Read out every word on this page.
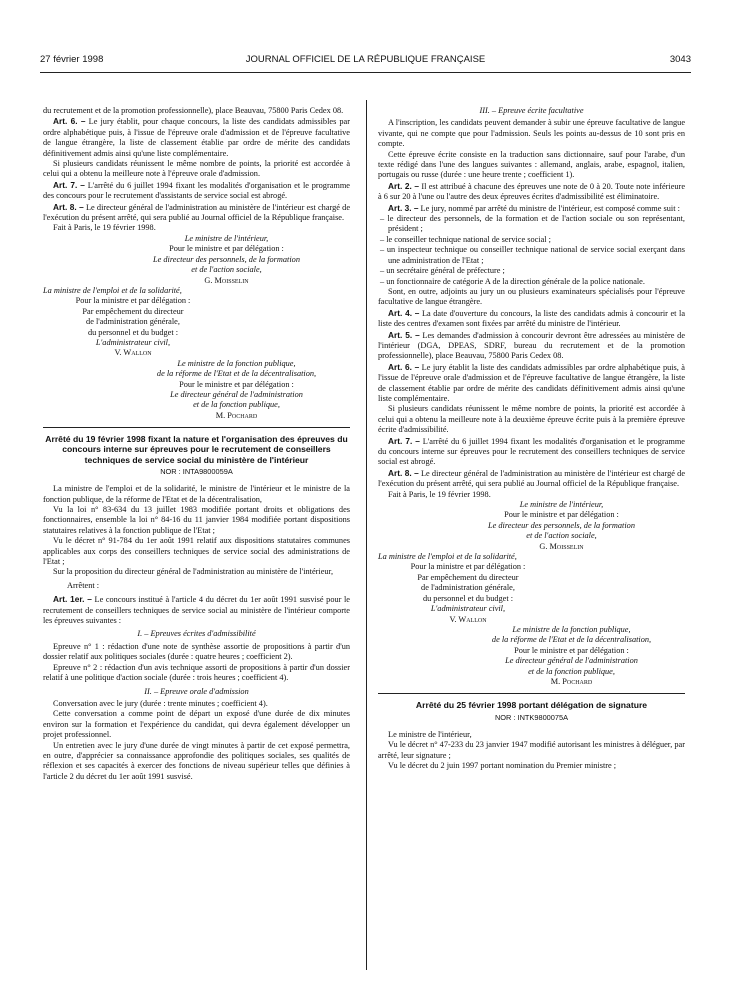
27 février 1998	JOURNAL OFFICIEL DE LA RÉPUBLIQUE FRANÇAISE	3043

du recrutement et de la promotion professionnelle), place Beauvau, 75800 Paris Cedex 08.

Art. 6. – Le jury établit, pour chaque concours, la liste des candidats admissibles par ordre alphabétique puis, à l'issue de l'épreuve orale d'admission et de l'épreuve facultative de langue étrangère, la liste de classement établie par ordre de mérite des candidats définitivement admis ainsi qu'une liste complémentaire.

Si plusieurs candidats réunissent le même nombre de points, la priorité est accordée à celui qui a obtenu la meilleure note à l'épreuve orale d'admission.

Art. 7. – L'arrêté du 6 juillet 1994 fixant les modalités d'organisation et le programme des concours pour le recrutement d'assistants de service social est abrogé.

Art. 8. – Le directeur général de l'administration au ministère de l'intérieur est chargé de l'exécution du présent arrêté, qui sera publié au Journal officiel de la République française.

Fait à Paris, le 19 février 1998.

Le ministre de l'intérieur,

Pour le ministre et par délégation :

Le directeur des personnels, de la formation

et de l'action sociale,

G. Moisselin

La ministre de l'emploi et de la solidarité,

Pour la ministre et par délégation :

Par empêchement du directeur

de l'administration générale,

du personnel et du budget :

L'administrateur civil,

V. Wallon

Le ministre de la fonction publique,

de la réforme de l'Etat et de la décentralisation,

Pour le ministre et par délégation :

Le directeur général de l'administration

et de la fonction publique,

M. Pochard

Arrêté du 19 février 1998 fixant la nature et l'organisation des épreuves du concours interne sur épreuves pour le recrutement de conseillers techniques de service social du ministère de l'intérieur

NOR : INTA9800059A

La ministre de l'emploi et de la solidarité, le ministre de l'intérieur et le ministre de la fonction publique, de la réforme de l'Etat et de la décentralisation,

Vu la loi n° 83-634 du 13 juillet 1983 modifiée portant droits et obligations des fonctionnaires, ensemble la loi n° 84-16 du 11 janvier 1984 modifiée portant dispositions statutaires relatives à la fonction publique de l'Etat ;

Vu le décret n° 91-784 du 1er août 1991 relatif aux dispositions statutaires communes applicables aux corps des conseillers techniques de service social des administrations de l'Etat ;

Sur la proposition du directeur général de l'administration au ministère de l'intérieur,

Arrêtent :

Art. 1er. – Le concours institué à l'article 4 du décret du 1er août 1991 susvisé pour le recrutement de conseillers techniques de service social au ministère de l'intérieur comporte les épreuves suivantes :

I. – Epreuves écrites d'admissibilité

Epreuve n° 1 : rédaction d'une note de synthèse assortie de propositions à partir d'un dossier relatif aux politiques sociales (durée : quatre heures ; coefficient 2).

Epreuve n° 2 : rédaction d'un avis technique assorti de propositions à partir d'un dossier relatif à une politique d'action sociale (durée : trois heures ; coefficient 4).

II. – Epreuve orale d'admission

Conversation avec le jury (durée : trente minutes ; coefficient 4).

Cette conversation a comme point de départ un exposé d'une durée de dix minutes environ sur la formation et l'expérience du candidat, qui devra également développer un projet professionnel.

Un entretien avec le jury d'une durée de vingt minutes à partir de cet exposé permettra, en outre, d'apprécier sa connaissance approfondie des politiques sociales, ses qualités de réflexion et ses capacités à exercer des fonctions de niveau supérieur telles que définies à l'article 2 du décret du 1er août 1991 susvisé.

III. – Epreuve écrite facultative

A l'inscription, les candidats peuvent demander à subir une épreuve facultative de langue vivante, qui ne compte que pour l'admission. Seuls les points au-dessus de 10 sont pris en compte.

Cette épreuve écrite consiste en la traduction sans dictionnaire, sauf pour l'arabe, d'un texte rédigé dans l'une des langues suivantes : allemand, anglais, arabe, espagnol, italien, portugais ou russe (durée : une heure trente ; coefficient 1).

Art. 2. – Il est attribué à chacune des épreuves une note de 0 à 20. Toute note inférieure à 6 sur 20 à l'une ou l'autre des deux épreuves écrites d'admissibilité est éliminatoire.

Art. 3. – Le jury, nommé par arrêté du ministre de l'intérieur, est composé comme suit :

– le directeur des personnels, de la formation et de l'action sociale ou son représentant, président ;
– le conseiller technique national de service social ;
– un inspecteur technique ou conseiller technique national de service social exerçant dans une administration de l'Etat ;
– un secrétaire général de préfecture ;
– un fonctionnaire de catégorie A de la direction générale de la police nationale.

Sont, en outre, adjoints au jury un ou plusieurs examinateurs spécialisés pour l'épreuve facultative de langue étrangère.

Art. 4. – La date d'ouverture du concours, la liste des candidats admis à concourir et la liste des centres d'examen sont fixées par arrêté du ministre de l'intérieur.

Art. 5. – Les demandes d'admission à concourir devront être adressées au ministère de l'intérieur (DGA, DPEAS, SDRF, bureau du recrutement et de la promotion professionnelle), place Beauvau, 75800 Paris Cedex 08.

Art. 6. – Le jury établit la liste des candidats admissibles par ordre alphabétique puis, à l'issue de l'épreuve orale d'admission et de l'épreuve facultative de langue étrangère, la liste de classement établie par ordre de mérite des candidats définitivement admis ainsi qu'une liste complémentaire.

Si plusieurs candidats réunissent le même nombre de points, la priorité est accordée à celui qui a obtenu la meilleure note à la deuxième épreuve écrite puis à la première épreuve écrite d'admissibilité.

Art. 7. – L'arrêté du 6 juillet 1994 fixant les modalités d'organisation et le programme du concours interne sur épreuves pour le recrutement des conseillers techniques de service social est abrogé.

Art. 8. – Le directeur général de l'administration au ministère de l'intérieur est chargé de l'exécution du présent arrêté, qui sera publié au Journal officiel de la République française.

Fait à Paris, le 19 février 1998.

Le ministre de l'intérieur,

Pour le ministre et par délégation :

Le directeur des personnels, de la formation

et de l'action sociale,

G. Moisselin

La ministre de l'emploi et de la solidarité,

Pour la ministre et par délégation :

Par empêchement du directeur

de l'administration générale,

du personnel et du budget :

L'administrateur civil,

V. Wallon

Le ministre de la fonction publique,

de la réforme de l'Etat et de la décentralisation,

Pour le ministre et par délégation :

Le directeur général de l'administration

et de la fonction publique,

M. Pochard

Arrêté du 25 février 1998 portant délégation de signature

NOR : INTK9800075A

Le ministre de l'intérieur,

Vu le décret n° 47-233 du 23 janvier 1947 modifié autorisant les ministres à déléguer, par arrêté, leur signature ;

Vu le décret du 2 juin 1997 portant nomination du Premier ministre ;
